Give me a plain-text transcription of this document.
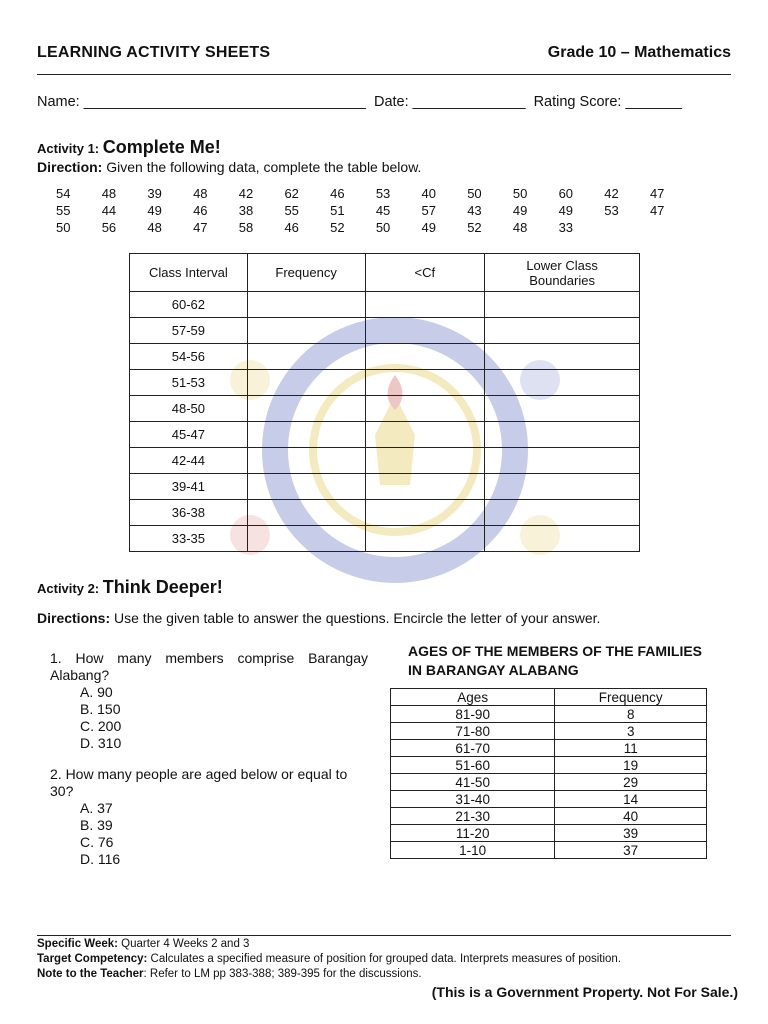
LEARNING ACTIVITY SHEETS	Grade 10 – Mathematics
Name: ___________________________________ Date: ______________ Rating Score: _______
Activity 1: Complete Me!
Direction: Given the following data, complete the table below.
54	48	39	48	42	62	46	53	40	50	50	60	42	47
55	44	49	46	38	55	51	45	57	43	49	49	53	47
50	56	48	47	58	46	52	50	49	52	48	33
Class Interval	Frequency	<Cf	Lower Class Boundaries
60-62			
57-59			
54-56			
51-53			
48-50			
45-47			
42-44			
39-41			
36-38			
33-35			
Activity 2: Think Deeper!
Directions: Use the given table to answer the questions. Encircle the letter of your answer.
1. How many members comprise Barangay Alabang?
A. 90
B. 150
C. 200
D. 310
2. How many people are aged below or equal to 30?
A. 37
B. 39
C. 76
D. 116
AGES OF THE MEMBERS OF THE FAMILIES IN BARANGAY ALABANG
Ages	Frequency
81-90	8
71-80	3
61-70	11
51-60	19
41-50	29
31-40	14
21-30	40
11-20	39
1-10	37
Specific Week: Quarter 4 Weeks 2 and 3
Target Competency: Calculates a specified measure of position for grouped data. Interprets measures of position.
Note to the Teacher: Refer to LM pp 383-388; 389-395 for the discussions.
(This is a Government Property. Not For Sale.)
